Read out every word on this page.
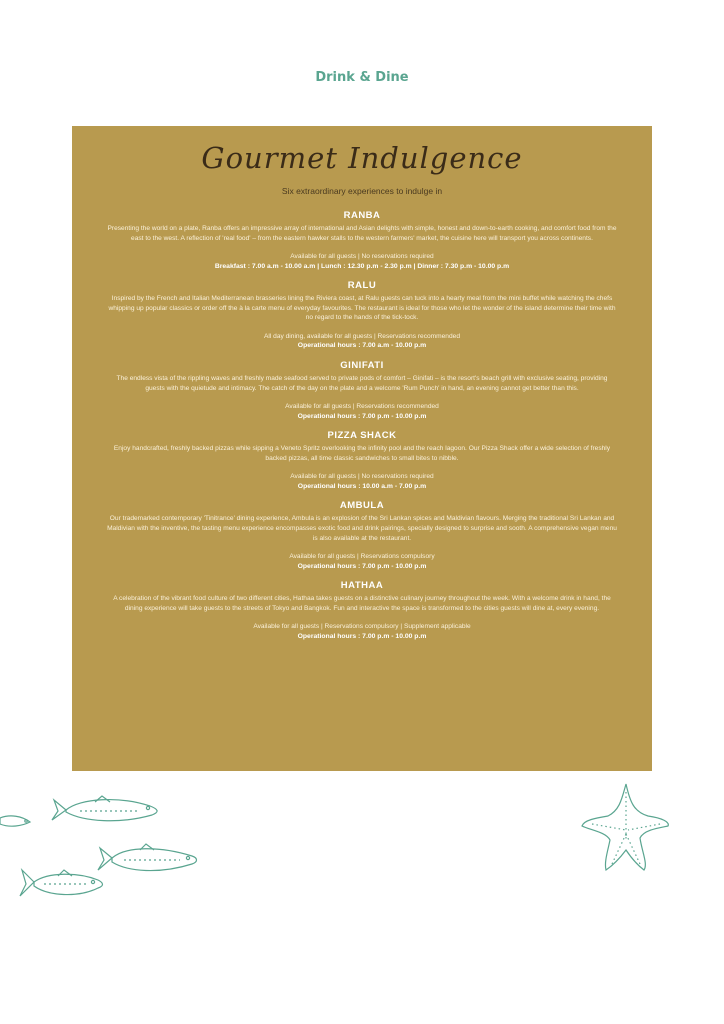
Drink & Dine
Gourmet Indulgence
Six extraordinary experiences to indulge in
RANBA
Presenting the world on a plate, Ranba offers an impressive array of international and Asian delights with simple, honest and down-to-earth cooking, and comfort food from the east to the west. A reflection of 'real food' – from the eastern hawker stalls to the western farmers' market, the cuisine here will transport you across continents.
Available for all guests | No reservations required
Breakfast : 7.00 a.m - 10.00 a.m | Lunch : 12.30 p.m - 2.30 p.m | Dinner : 7.30 p.m - 10.00 p.m
RALU
Inspired by the French and Italian Mediterranean brasseries lining the Riviera coast, at Ralu guests can tuck into a hearty meal from the mini buffet while watching the chefs whipping up popular classics or order off the à la carte menu of everyday favourites. The restaurant is ideal for those who let the wonder of the island determine their time with no regard to the hands of the tick-tock.
All day dining, available for all guests | Reservations recommended
Operational hours : 7.00 a.m - 10.00 p.m
GINIFATI
The endless vista of the rippling waves and freshly made seafood served to private pods of comfort – Ginifati – is the resort's beach grill with exclusive seating, providing guests with the quietude and intimacy. The catch of the day on the plate and a welcome 'Rum Punch' in hand, an evening cannot get better than this.
Available for all guests | Reservations recommended
Operational hours : 7.00 p.m - 10.00 p.m
PIZZA SHACK
Enjoy handcrafted, freshly backed pizzas while sipping a Veneto Spritz overlooking the infinity pool and the reach lagoon. Our Pizza Shack offer a wide selection of freshly backed pizzas, all time classic sandwiches to small bites to nibble.
Available for all guests | No reservations required
Operational hours : 10.00 a.m - 7.00 p.m
AMBULA
Our trademarked contemporary 'Tinitrance' dining experience, Ambula is an explosion of the Sri Lankan spices and Maldivian flavours. Merging the traditional Sri Lankan and Maldivian with the inventive, the tasting menu experience encompasses exotic food and drink pairings, specially designed to surprise and sooth. A comprehensive vegan menu is also available at the restaurant.
Available for all guests | Reservations compulsory
Operational hours : 7.00 p.m - 10.00 p.m
HATHAA
A celebration of the vibrant food culture of two different cities, Hathaa takes guests on a distinctive culinary journey throughout the week. With a welcome drink in hand, the dining experience will take guests to the streets of Tokyo and Bangkok. Fun and interactive the space is transformed to the cities guests will dine at, every evening.
Available for all guests | Reservations compulsory | Supplement applicable
Operational hours : 7.00 p.m - 10.00 p.m
